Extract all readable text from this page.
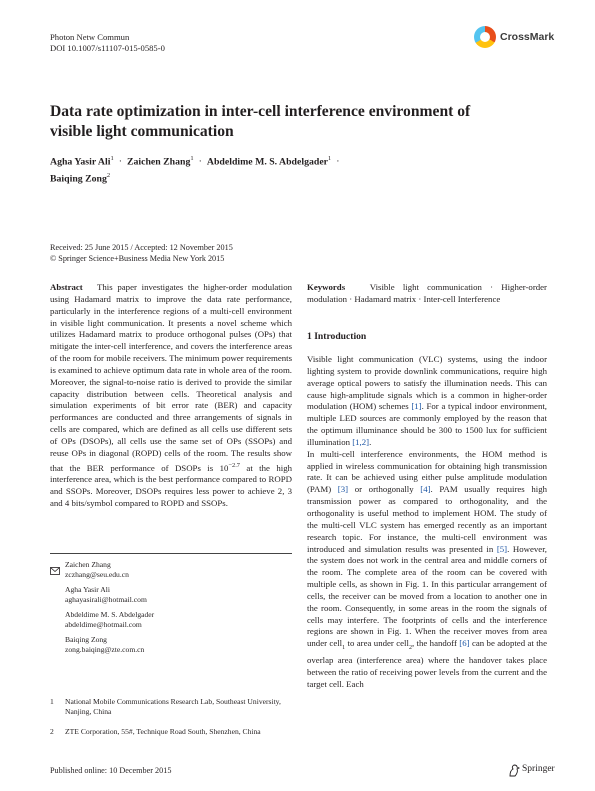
Photon Netw Commun
DOI 10.1007/s11107-015-0585-0
CrossMark
Data rate optimization in inter-cell interference environment of visible light communication
Agha Yasir Ali$^1$ · Zaichen Zhang$^1$ · Abdeldime M. S. Abdelgader$^1$ ·
Baiqing Zong$^2$
Received: 25 June 2015 / Accepted: 12 November 2015
© Springer Science+Business Media New York 2015

Abstract This paper investigates the higher-order modulation using Hadamard matrix to improve the data rate performance, particularly in the interference regions of a multi-cell environment in visible light communication. It presents a novel scheme which utilizes Hadamard matrix to produce orthogonal pulses (OPs) that mitigate the inter-cell interference, and covers the interference areas of the room for mobile receivers. The minimum power requirements is examined to achieve optimum data rate in whole area of the room. Moreover, the signal-to-noise ratio is derived to provide the similar capacity distribution between cells. Theoretical analysis and simulation experiments of bit error rate (BER) and capacity performances are conducted and three arrangements of signals in cells are compared, which are defined as all cells use different sets of OPs (DSOPs), all cells use the same set of OPs (SSOPs) and reuse OPs in diagonal (ROPD) cells of the room. The results show that the BER performance of DSOPs is $10^{-2.7}$ at the high interference area, which is the best performance compared to ROPD and SSOPs. Moreover, DSOPs requires less power to achieve 2, 3 and 4 bits/symbol compared to ROPD and SSOPs.

Zaichen Zhang
zczhang@seu.edu.cn
Agha Yasir Ali
aghayasirali@hotmail.com
Abdeldime M. S. Abdelgader
abdeldime@hotmail.com
Baiqing Zong
zong.baiqing@zte.com.cn
1	National Mobile Communications Research Lab, Southeast University, Nanjing, China
2	ZTE Corporation, 55#, Technique Road South, Shenzhen, China

Keywords	Visible light communication · Higher-order modulation · Hadamard matrix · Inter-cell Interference

1 Introduction

Visible light communication (VLC) systems, using the indoor lighting system to provide downlink communications, require high average optical powers to satisfy the illumination needs. This can cause high-amplitude signals which is a common in higher-order modulation (HOM) schemes [1]. For a typical indoor environment, multiple LED sources are commonly employed by the reason that the optimum illuminance should be 300 to 1500 lux for sufficient illumination [1,2].
In multi-cell interference environments, the HOM method is applied in wireless communication for obtaining high transmission rate. It can be achieved using either pulse amplitude modulation (PAM) [3] or orthogonally [4]. PAM usually requires high transmission power as compared to orthogonality, and the orthogonality is useful method to implement HOM. The study of the multi-cell VLC system has emerged recently as an important research topic. For instance, the multi-cell environment was introduced and simulation results was presented in [5]. However, the system does not work in the central area and middle corners of the room. The complete area of the room can be covered with multiple cells, as shown in Fig. 1. In this particular arrangement of cells, the receiver can be moved from a location to another one in the room. Consequently, in some areas in the room the signals of cells may interfere. The footprints of cells and the interference regions are shown in Fig. 1. When the receiver moves from area under cell$_1$ to area under cell$_2$, the handoff [6] can be adopted at the overlap area (interference area) where the handover takes place between the ratio of receiving power levels from the current and the target cell. Each

Published online: 10 December 2015	Springer
